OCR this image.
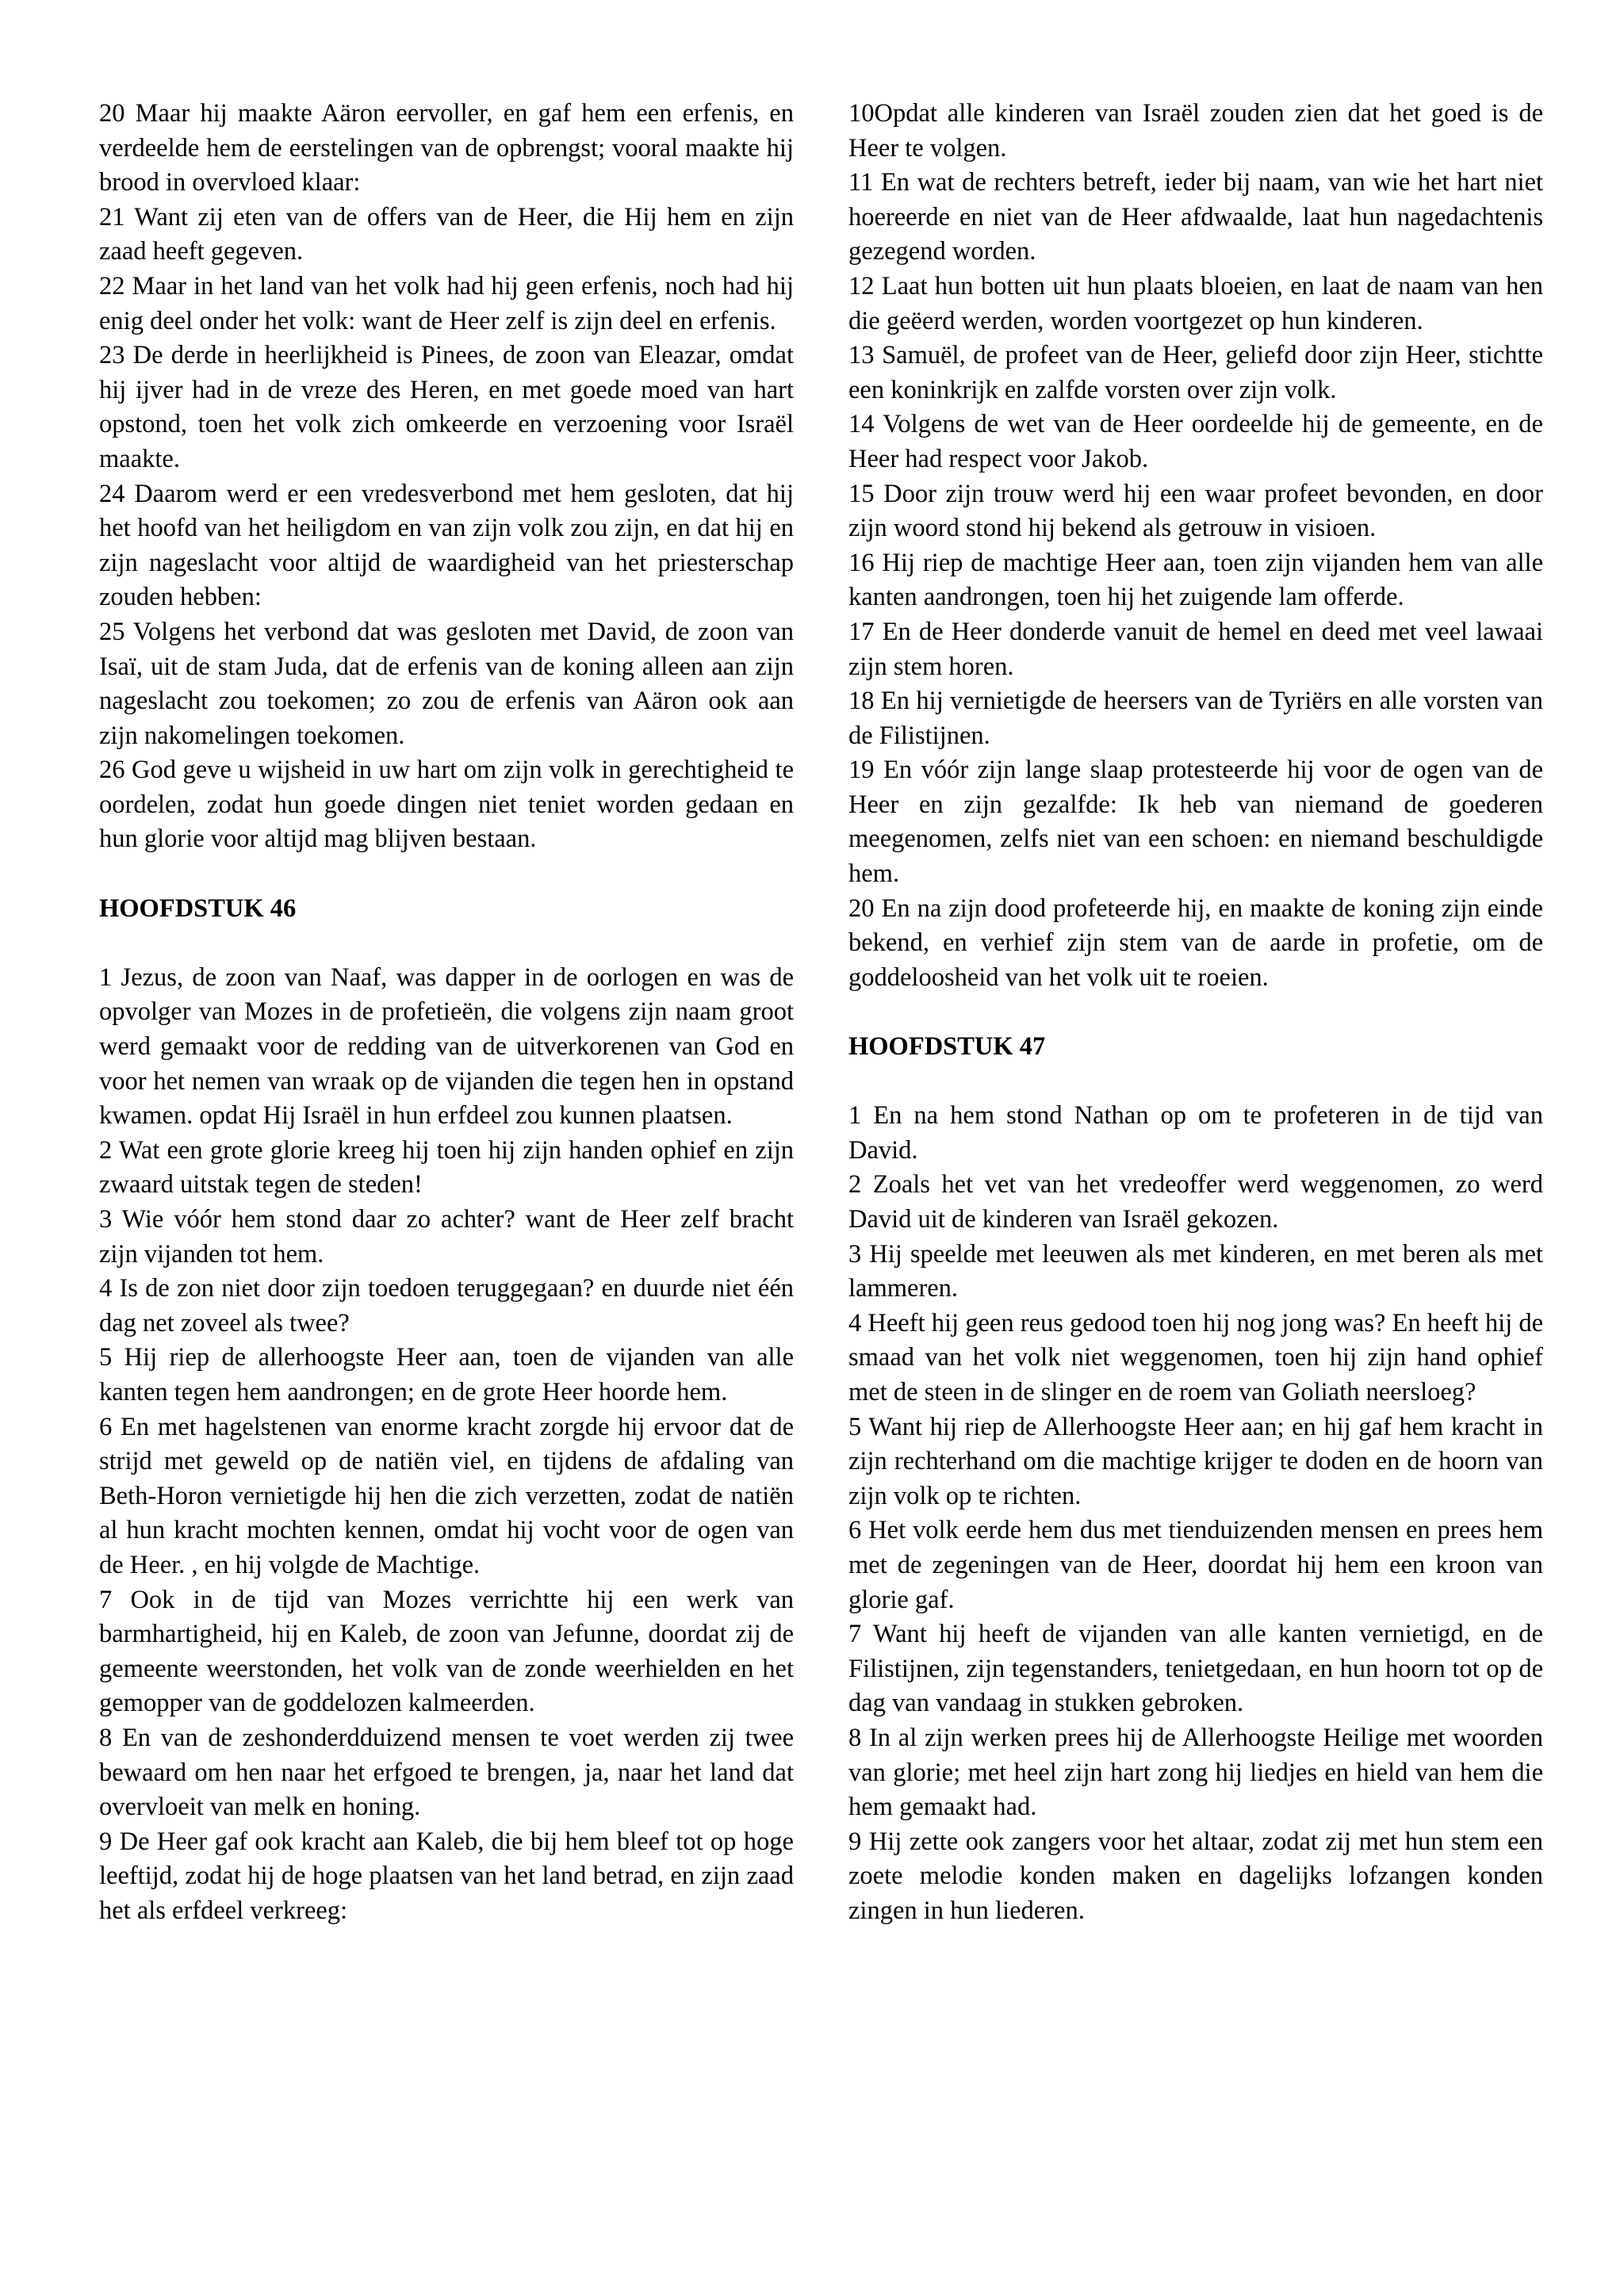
20 Maar hij maakte Aäron eervoller, en gaf hem een erfenis, en verdeelde hem de eerstelingen van de opbrengst; vooral maakte hij brood in overvloed klaar:

21 Want zij eten van de offers van de Heer, die Hij hem en zijn zaad heeft gegeven.

22 Maar in het land van het volk had hij geen erfenis, noch had hij enig deel onder het volk: want de Heer zelf is zijn deel en erfenis.

23 De derde in heerlijkheid is Pinees, de zoon van Eleazar, omdat hij ijver had in de vreze des Heren, en met goede moed van hart opstond, toen het volk zich omkeerde en verzoening voor Israël maakte.

24 Daarom werd er een vredesverbond met hem gesloten, dat hij het hoofd van het heiligdom en van zijn volk zou zijn, en dat hij en zijn nageslacht voor altijd de waardigheid van het priesterschap zouden hebben:

25 Volgens het verbond dat was gesloten met David, de zoon van Isaï, uit de stam Juda, dat de erfenis van de koning alleen aan zijn nageslacht zou toekomen; zo zou de erfenis van Aäron ook aan zijn nakomelingen toekomen.

26 God geve u wijsheid in uw hart om zijn volk in gerechtigheid te oordelen, zodat hun goede dingen niet teniet worden gedaan en hun glorie voor altijd mag blijven bestaan.

HOOFDSTUK 46

1 Jezus, de zoon van Naaf, was dapper in de oorlogen en was de opvolger van Mozes in de profetieën, die volgens zijn naam groot werd gemaakt voor de redding van de uitverkorenen van God en voor het nemen van wraak op de vijanden die tegen hen in opstand kwamen. opdat Hij Israël in hun erfdeel zou kunnen plaatsen.

2 Wat een grote glorie kreeg hij toen hij zijn handen ophief en zijn zwaard uitstak tegen de steden!

3 Wie vóór hem stond daar zo achter? want de Heer zelf bracht zijn vijanden tot hem.

4 Is de zon niet door zijn toedoen teruggegaan? en duurde niet één dag net zoveel als twee?

5 Hij riep de allerhoogste Heer aan, toen de vijanden van alle kanten tegen hem aandrongen; en de grote Heer hoorde hem.

6 En met hagelstenen van enorme kracht zorgde hij ervoor dat de strijd met geweld op de natiën viel, en tijdens de afdaling van Beth-Horon vernietigde hij hen die zich verzetten, zodat de natiën al hun kracht mochten kennen, omdat hij vocht voor de ogen van de Heer. , en hij volgde de Machtige.

7 Ook in de tijd van Mozes verrichtte hij een werk van barmhartigheid, hij en Kaleb, de zoon van Jefunne, doordat zij de gemeente weerstonden, het volk van de zonde weerhielden en het gemopper van de goddelozen kalmeerden.

8 En van de zeshonderdduizend mensen te voet werden zij twee bewaard om hen naar het erfgoed te brengen, ja, naar het land dat overvloeit van melk en honing.

9 De Heer gaf ook kracht aan Kaleb, die bij hem bleef tot op hoge leeftijd, zodat hij de hoge plaatsen van het land betrad, en zijn zaad het als erfdeel verkreeg:

10Opdat alle kinderen van Israël zouden zien dat het goed is de Heer te volgen.

11 En wat de rechters betreft, ieder bij naam, van wie het hart niet hoereerde en niet van de Heer afdwaalde, laat hun nagedachtenis gezegend worden.

12 Laat hun botten uit hun plaats bloeien, en laat de naam van hen die geëerd werden, worden voortgezet op hun kinderen.

13 Samuël, de profeet van de Heer, geliefd door zijn Heer, stichtte een koninkrijk en zalfde vorsten over zijn volk.

14 Volgens de wet van de Heer oordeelde hij de gemeente, en de Heer had respect voor Jakob.

15 Door zijn trouw werd hij een waar profeet bevonden, en door zijn woord stond hij bekend als getrouw in visioen.

16 Hij riep de machtige Heer aan, toen zijn vijanden hem van alle kanten aandrongen, toen hij het zuigende lam offerde.

17 En de Heer donderde vanuit de hemel en deed met veel lawaai zijn stem horen.

18 En hij vernietigde de heersers van de Tyriërs en alle vorsten van de Filistijnen.

19 En vóór zijn lange slaap protesteerde hij voor de ogen van de Heer en zijn gezalfde: Ik heb van niemand de goederen meegenomen, zelfs niet van een schoen: en niemand beschuldigde hem.

20 En na zijn dood profeteerde hij, en maakte de koning zijn einde bekend, en verhief zijn stem van de aarde in profetie, om de goddeloosheid van het volk uit te roeien.

HOOFDSTUK 47

1 En na hem stond Nathan op om te profeteren in de tijd van David.

2 Zoals het vet van het vredeoffer werd weggenomen, zo werd David uit de kinderen van Israël gekozen.

3 Hij speelde met leeuwen als met kinderen, en met beren als met lammeren.

4 Heeft hij geen reus gedood toen hij nog jong was? En heeft hij de smaad van het volk niet weggenomen, toen hij zijn hand ophief met de steen in de slinger en de roem van Goliath neersloeg?

5 Want hij riep de Allerhoogste Heer aan; en hij gaf hem kracht in zijn rechterhand om die machtige krijger te doden en de hoorn van zijn volk op te richten.

6 Het volk eerde hem dus met tienduizenden mensen en prees hem met de zegeningen van de Heer, doordat hij hem een kroon van glorie gaf.

7 Want hij heeft de vijanden van alle kanten vernietigd, en de Filistijnen, zijn tegenstanders, tenietgedaan, en hun hoorn tot op de dag van vandaag in stukken gebroken.

8 In al zijn werken prees hij de Allerhoogste Heilige met woorden van glorie; met heel zijn hart zong hij liedjes en hield van hem die hem gemaakt had.

9 Hij zette ook zangers voor het altaar, zodat zij met hun stem een zoete melodie konden maken en dagelijks lofzangen konden zingen in hun liederen.
